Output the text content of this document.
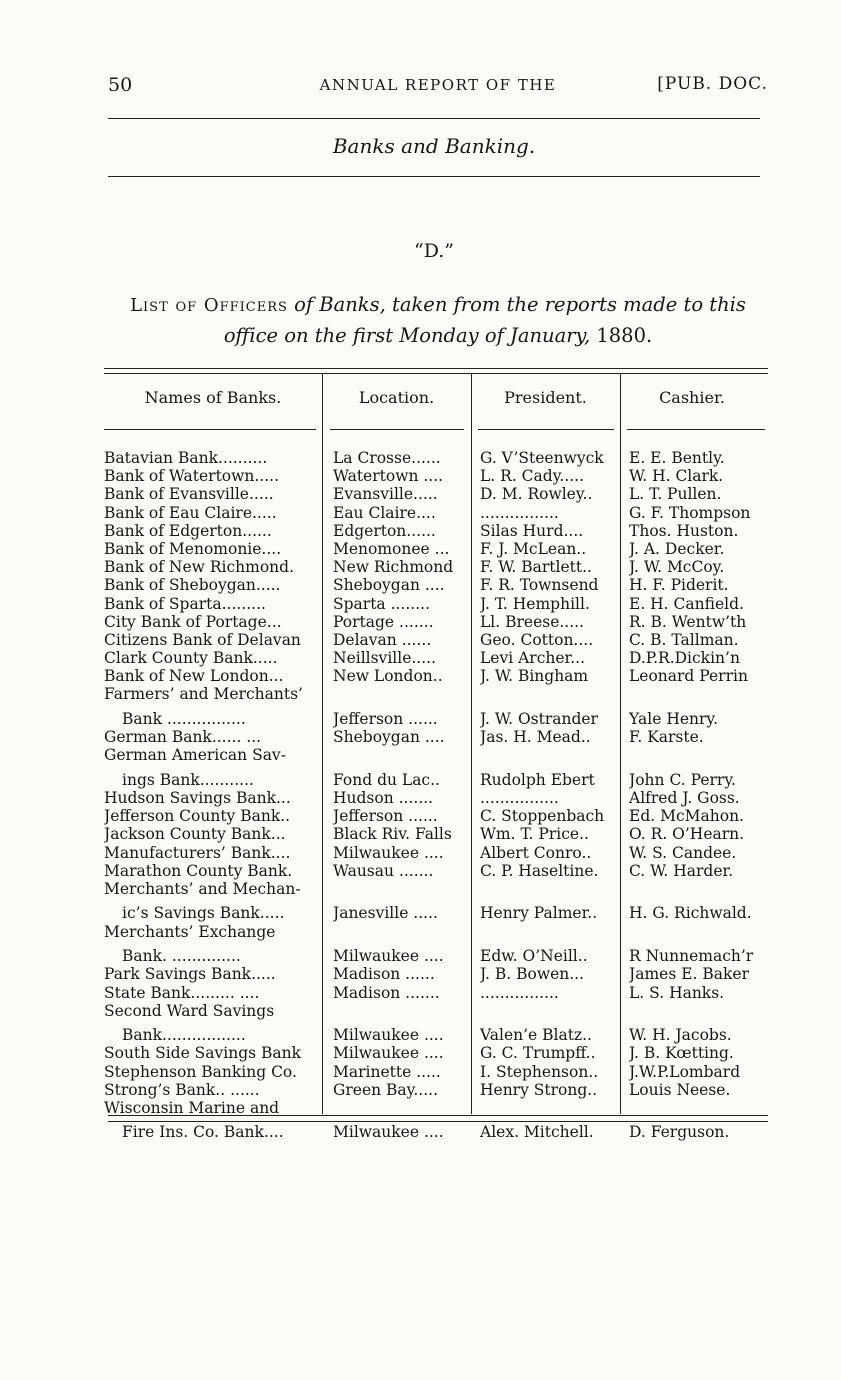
50	ANNUAL REPORT OF THE	[PUB. DOC.
Banks and Banking.
“D.”
List of Officers of Banks, taken from the reports made to this office on the first Monday of January, 1880.
Names of Banks.	Location.	President.	Cashier.
Batavian Bank..........	La Crosse......	G. V’Steenwyck	E. E. Bently.
Bank of Watertown.....	Watertown ....	L. R. Cady.....	W. H. Clark.
Bank of Evansville.....	Evansville.....	D. M. Rowley..	L. T. Pullen.
Bank of Eau Claire.....	Eau Claire....	................	G. F. Thompson
Bank of Edgerton......	Edgerton......	Silas Hurd....	Thos. Huston.
Bank of Menomonie....	Menomonee ...	F. J. McLean..	J. A. Decker.
Bank of New Richmond.	New Richmond	F. W. Bartlett..	J. W. McCoy.
Bank of Sheboygan.....	Sheboygan ....	F. R. Townsend	H. F. Piderit.
Bank of Sparta.........	Sparta ........	J. T. Hemphill.	E. H. Canfield.
City Bank of Portage...	Portage .......	Ll. Breese.....	R. B. Wentw’th
Citizens Bank of Delavan	Delavan ......	Geo. Cotton....	C. B. Tallman.
Clark County Bank.....	Neillsville.....	Levi Archer...	D.P.R.Dickin’n
Bank of New London...	New London..	J. W. Bingham	Leonard Perrin
Farmers’ and Merchants’
Bank ................	Jefferson ......	J. W. Ostrander	Yale Henry.
German Bank...... ...	Sheboygan ....	Jas. H. Mead..	F. Karste.
German American Sav-
ings Bank...........	Fond du Lac..	Rudolph Ebert	John C. Perry.
Hudson Savings Bank...	Hudson .......	................	Alfred J. Goss.
Jefferson County Bank..	Jefferson ......	C. Stoppenbach	Ed. McMahon.
Jackson County Bank...	Black Riv. Falls	Wm. T. Price..	O. R. O’Hearn.
Manufacturers’ Bank....	Milwaukee ....	Albert Conro..	W. S. Candee.
Marathon County Bank.	Wausau .......	C. P. Haseltine.	C. W. Harder.
Merchants’ and Mechan-
ic’s Savings Bank.....	Janesville .....	Henry Palmer..	H. G. Richwald.
Merchants’ Exchange
Bank. ..............	Milwaukee ....	Edw. O’Neill..	R Nunnemach’r
Park Savings Bank.....	Madison ......	J. B. Bowen...	James E. Baker
State Bank......... ....	Madison .......	................	L. S. Hanks.
Second Ward Savings
Bank.................	Milwaukee ....	Valen’e Blatz..	W. H. Jacobs.
South Side Savings Bank	Milwaukee ....	G. C. Trumpff..	J. B. Kœtting.
Stephenson Banking Co.	Marinette .....	I. Stephenson..	J.W.P.Lombard
Strong’s Bank.. ......	Green Bay.....	Henry Strong..	Louis Neese.
Wisconsin Marine and
Fire Ins. Co. Bank....	Milwaukee ....	Alex. Mitchell.	D. Ferguson.
